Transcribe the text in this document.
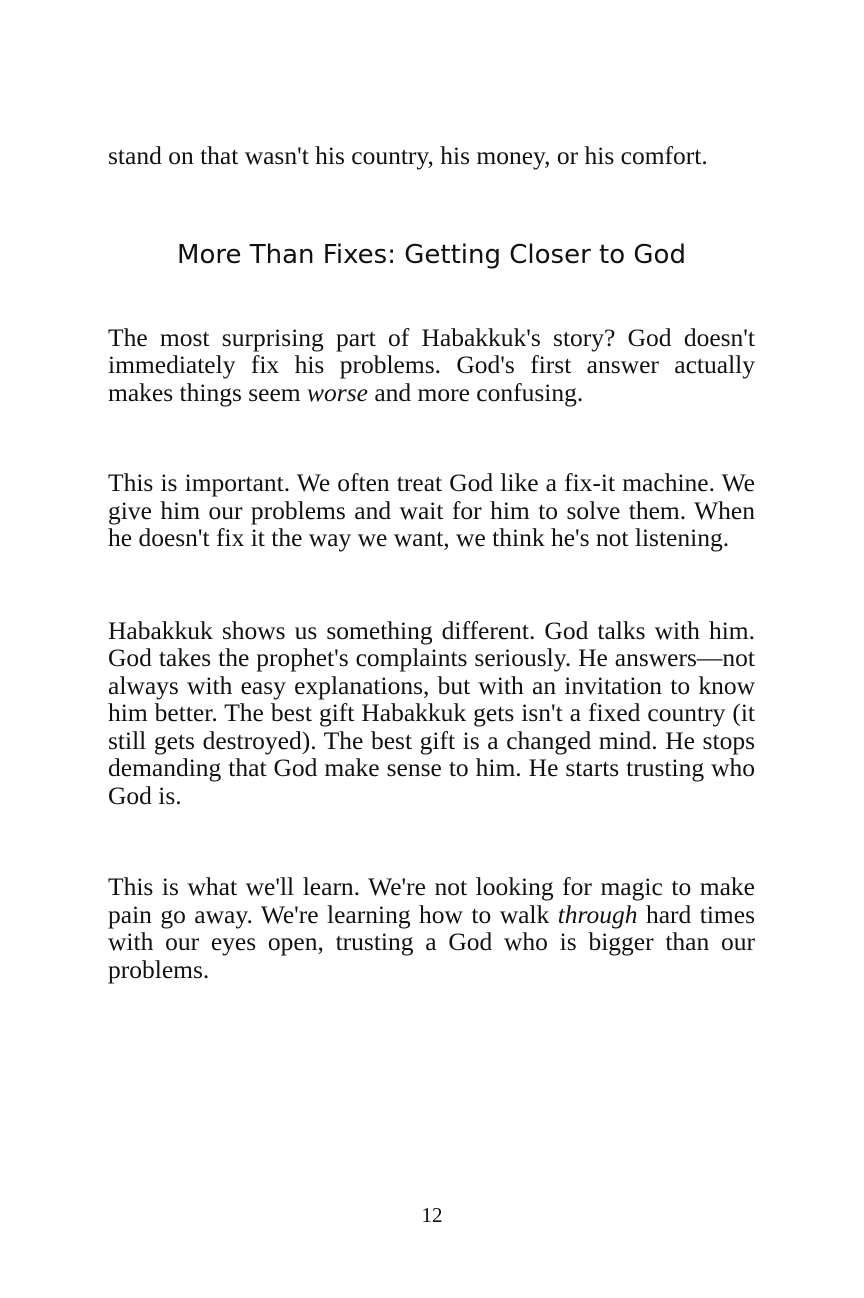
stand on that wasn't his country, his money, or his comfort.

More Than Fixes: Getting Closer to God

The most surprising part of Habakkuk's story? God doesn't immediately fix his problems. God's first answer actually makes things seem worse and more confusing.

This is important. We often treat God like a fix-it machine. We give him our problems and wait for him to solve them. When he doesn't fix it the way we want, we think he's not listening.

Habakkuk shows us something different. God talks with him. God takes the prophet's complaints seriously. He answers—not always with easy explanations, but with an invitation to know him better. The best gift Habakkuk gets isn't a fixed country (it still gets destroyed). The best gift is a changed mind. He stops demanding that God make sense to him. He starts trusting who God is.

This is what we'll learn. We're not looking for magic to make pain go away. We're learning how to walk through hard times with our eyes open, trusting a God who is bigger than our problems.

12
